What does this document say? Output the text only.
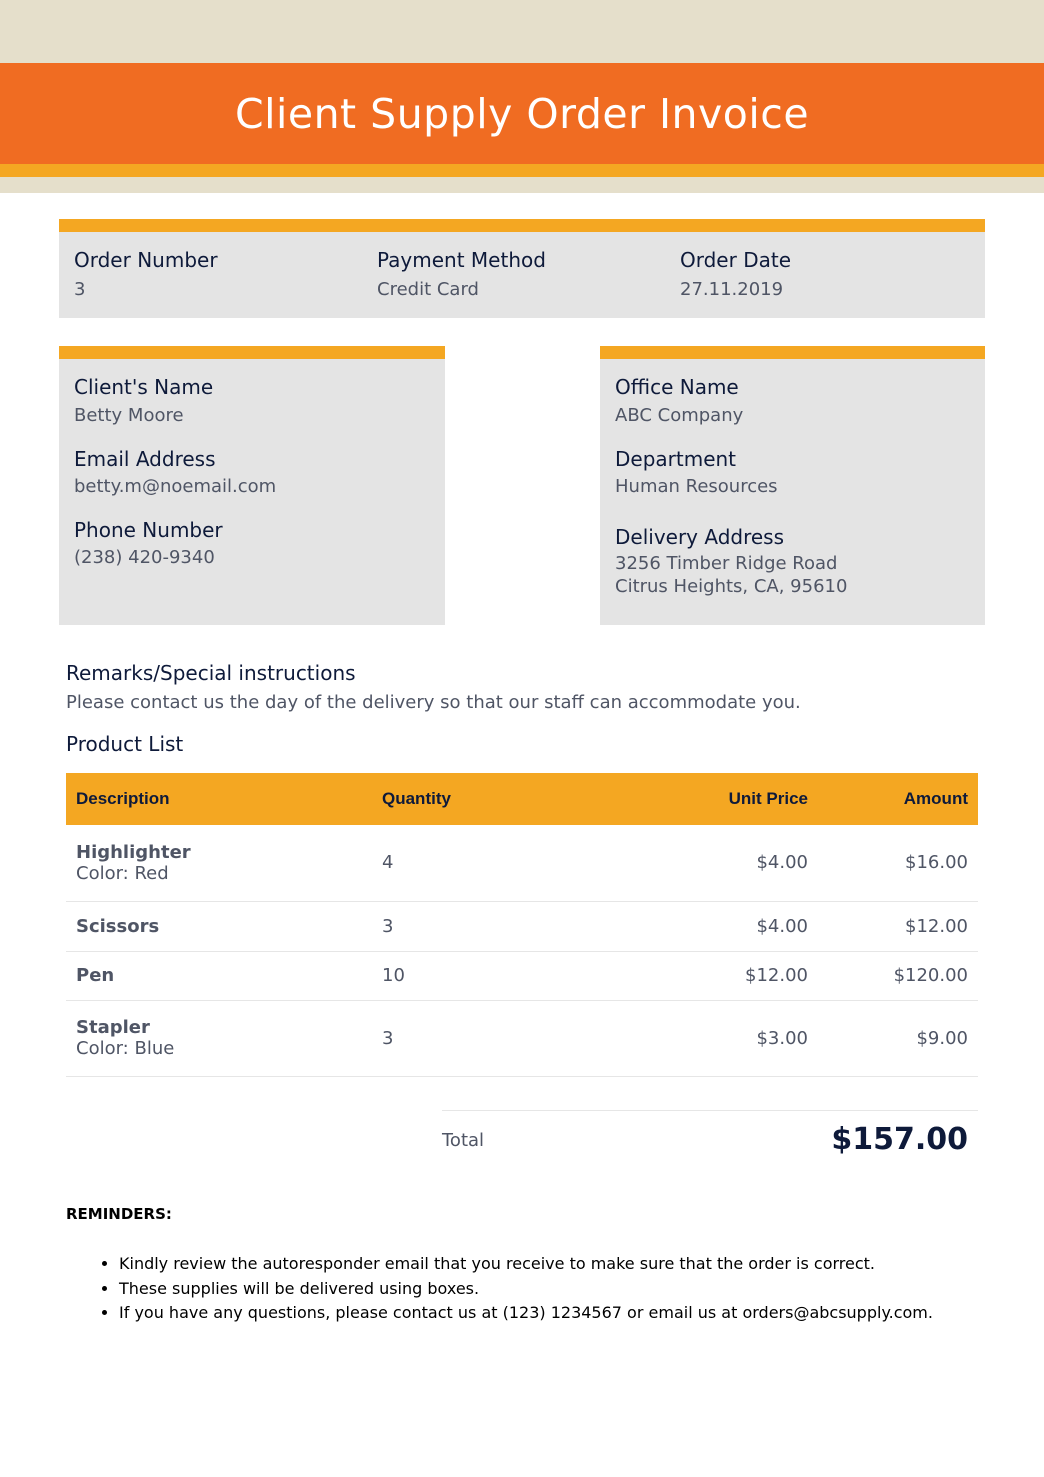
Client Supply Order Invoice
Order Number
3
Payment Method
Credit Card
Order Date
27.11.2019
Client's Name
Betty Moore
Email Address
betty.m@noemail.com
Phone Number
(238) 420-9340
Office Name
ABC Company
Department
Human Resources
Delivery Address
3256 Timber Ridge Road
Citrus Heights, CA, 95610
Remarks/Special instructions
Please contact us the day of the delivery so that our staff can accommodate you.
Product List
Description	Quantity	Unit Price	Amount

Highlighter
Color: Red	4	$4.00	$16.00

Scissors	3	$4.00	$12.00

Pen	10	$12.00	$120.00

Stapler
Color: Blue	3	$3.00	$9.00
Total	$157.00
REMINDERS:
• Kindly review the autoresponder email that you receive to make sure that the order is correct.
• These supplies will be delivered using boxes.
• If you have any questions, please contact us at (123) 1234567 or email us at orders@abcsupply.com.
